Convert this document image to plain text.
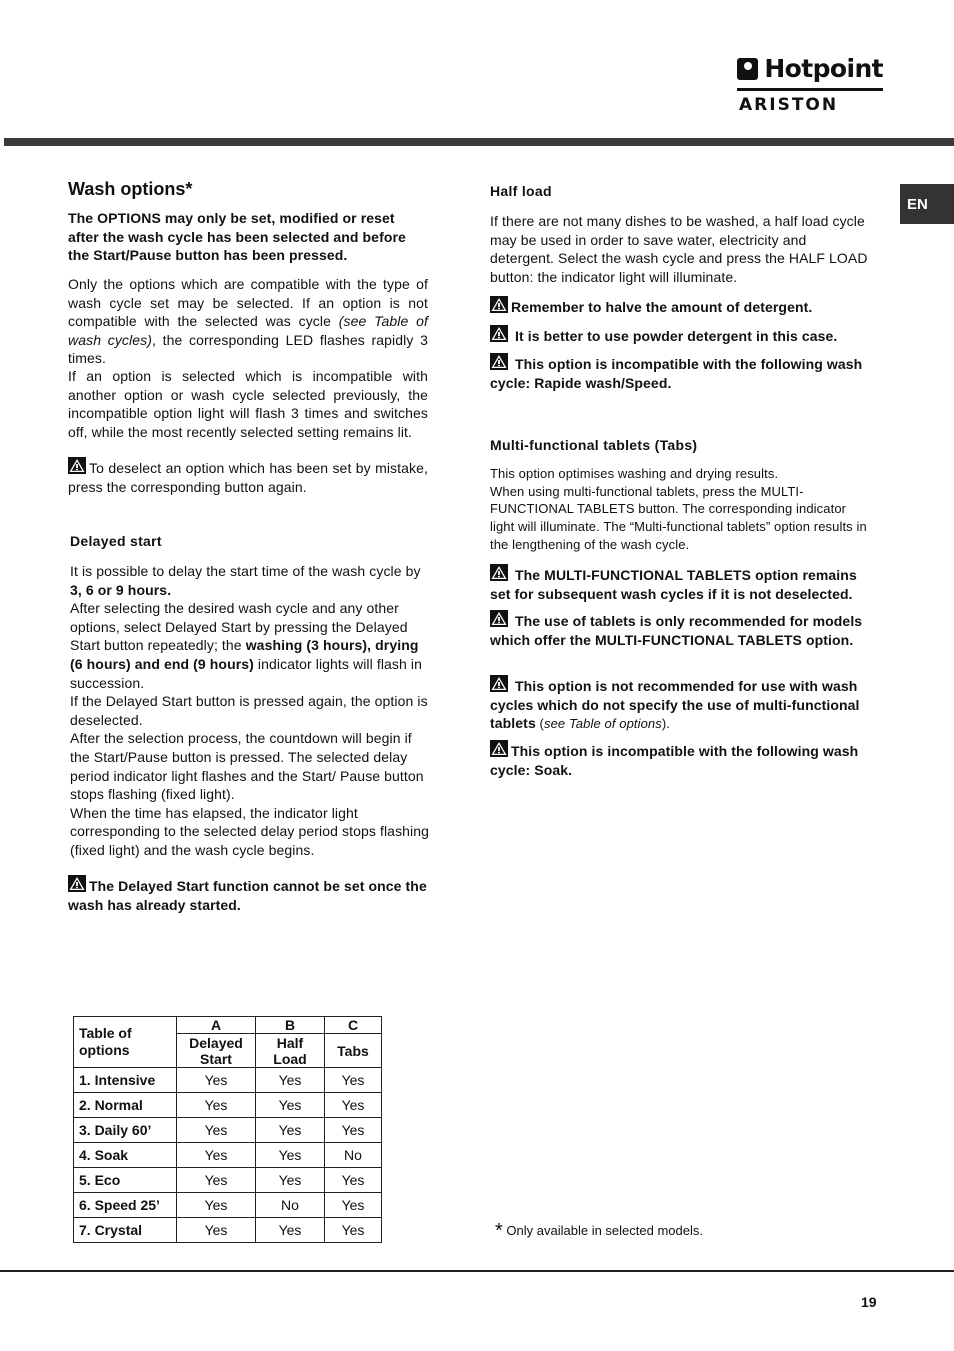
Hotpoint
ARISTON
EN
Wash options*
The OPTIONS may only be set, modified or reset after the wash cycle has been selected and before the Start/Pause button has been pressed.
Only the options which are compatible with the type of wash cycle set may be selected. If an option is not compatible with the selected was cycle (see Table of wash cycles), the corresponding LED flashes rapidly 3 times.
If an option is selected which is incompatible with another option or wash cycle selected previously, the incompatible option light will flash 3 times and switches off, while the most recently selected setting remains lit.
To deselect an option which has been set by mistake, press the corresponding button again.
Delayed start
It is possible to delay the start time of the wash cycle by 3, 6 or 9 hours.
After selecting the desired wash cycle and any other options, select Delayed Start by pressing the Delayed Start button repeatedly; the washing (3 hours), drying (6 hours) and end (9 hours) indicator lights will flash in succession.
If the Delayed Start button is pressed again, the option is deselected.
After the selection process, the countdown will begin if the Start/Pause button is pressed. The selected delay period indicator light flashes and the Start/ Pause button stops flashing (fixed light).
When the time has elapsed, the indicator light corresponding to the selected delay period stops flashing (fixed light) and the wash cycle begins.
The Delayed Start function cannot be set once the wash has already started.
Table of options	A	B	C
	Delayed Start	Half Load	Tabs
1. Intensive	Yes	Yes	Yes
2. Normal	Yes	Yes	Yes
3. Daily 60’	Yes	Yes	Yes
4. Soak	Yes	Yes	No
5. Eco	Yes	Yes	Yes
6. Speed 25’	Yes	No	Yes
7. Crystal	Yes	Yes	Yes
Half load
If there are not many dishes to be washed, a half load cycle may be used in order to save water, electricity and detergent. Select the wash cycle and press the HALF LOAD button: the indicator light will illuminate.
Remember to halve the amount of detergent.
It is better to use powder detergent in this case.
This option is incompatible with the following wash cycle: Rapide wash/Speed.
Multi-functional tablets (Tabs)
This option optimises washing and drying results.
When using multi-functional tablets, press the MULTI-FUNCTIONAL TABLETS button. The corresponding indicator light will illuminate. The “Multi-functional tablets” option results in the lengthening of the wash cycle.
The MULTI-FUNCTIONAL TABLETS option remains set for subsequent wash cycles if it is not deselected.
The use of tablets is only recommended for models which offer the MULTI-FUNCTIONAL TABLETS option.
This option is not recommended for use with wash cycles which do not specify the use of multi-functional tablets (see Table of options).
This option is incompatible with the following wash cycle: Soak.
* Only available in selected models.
19
